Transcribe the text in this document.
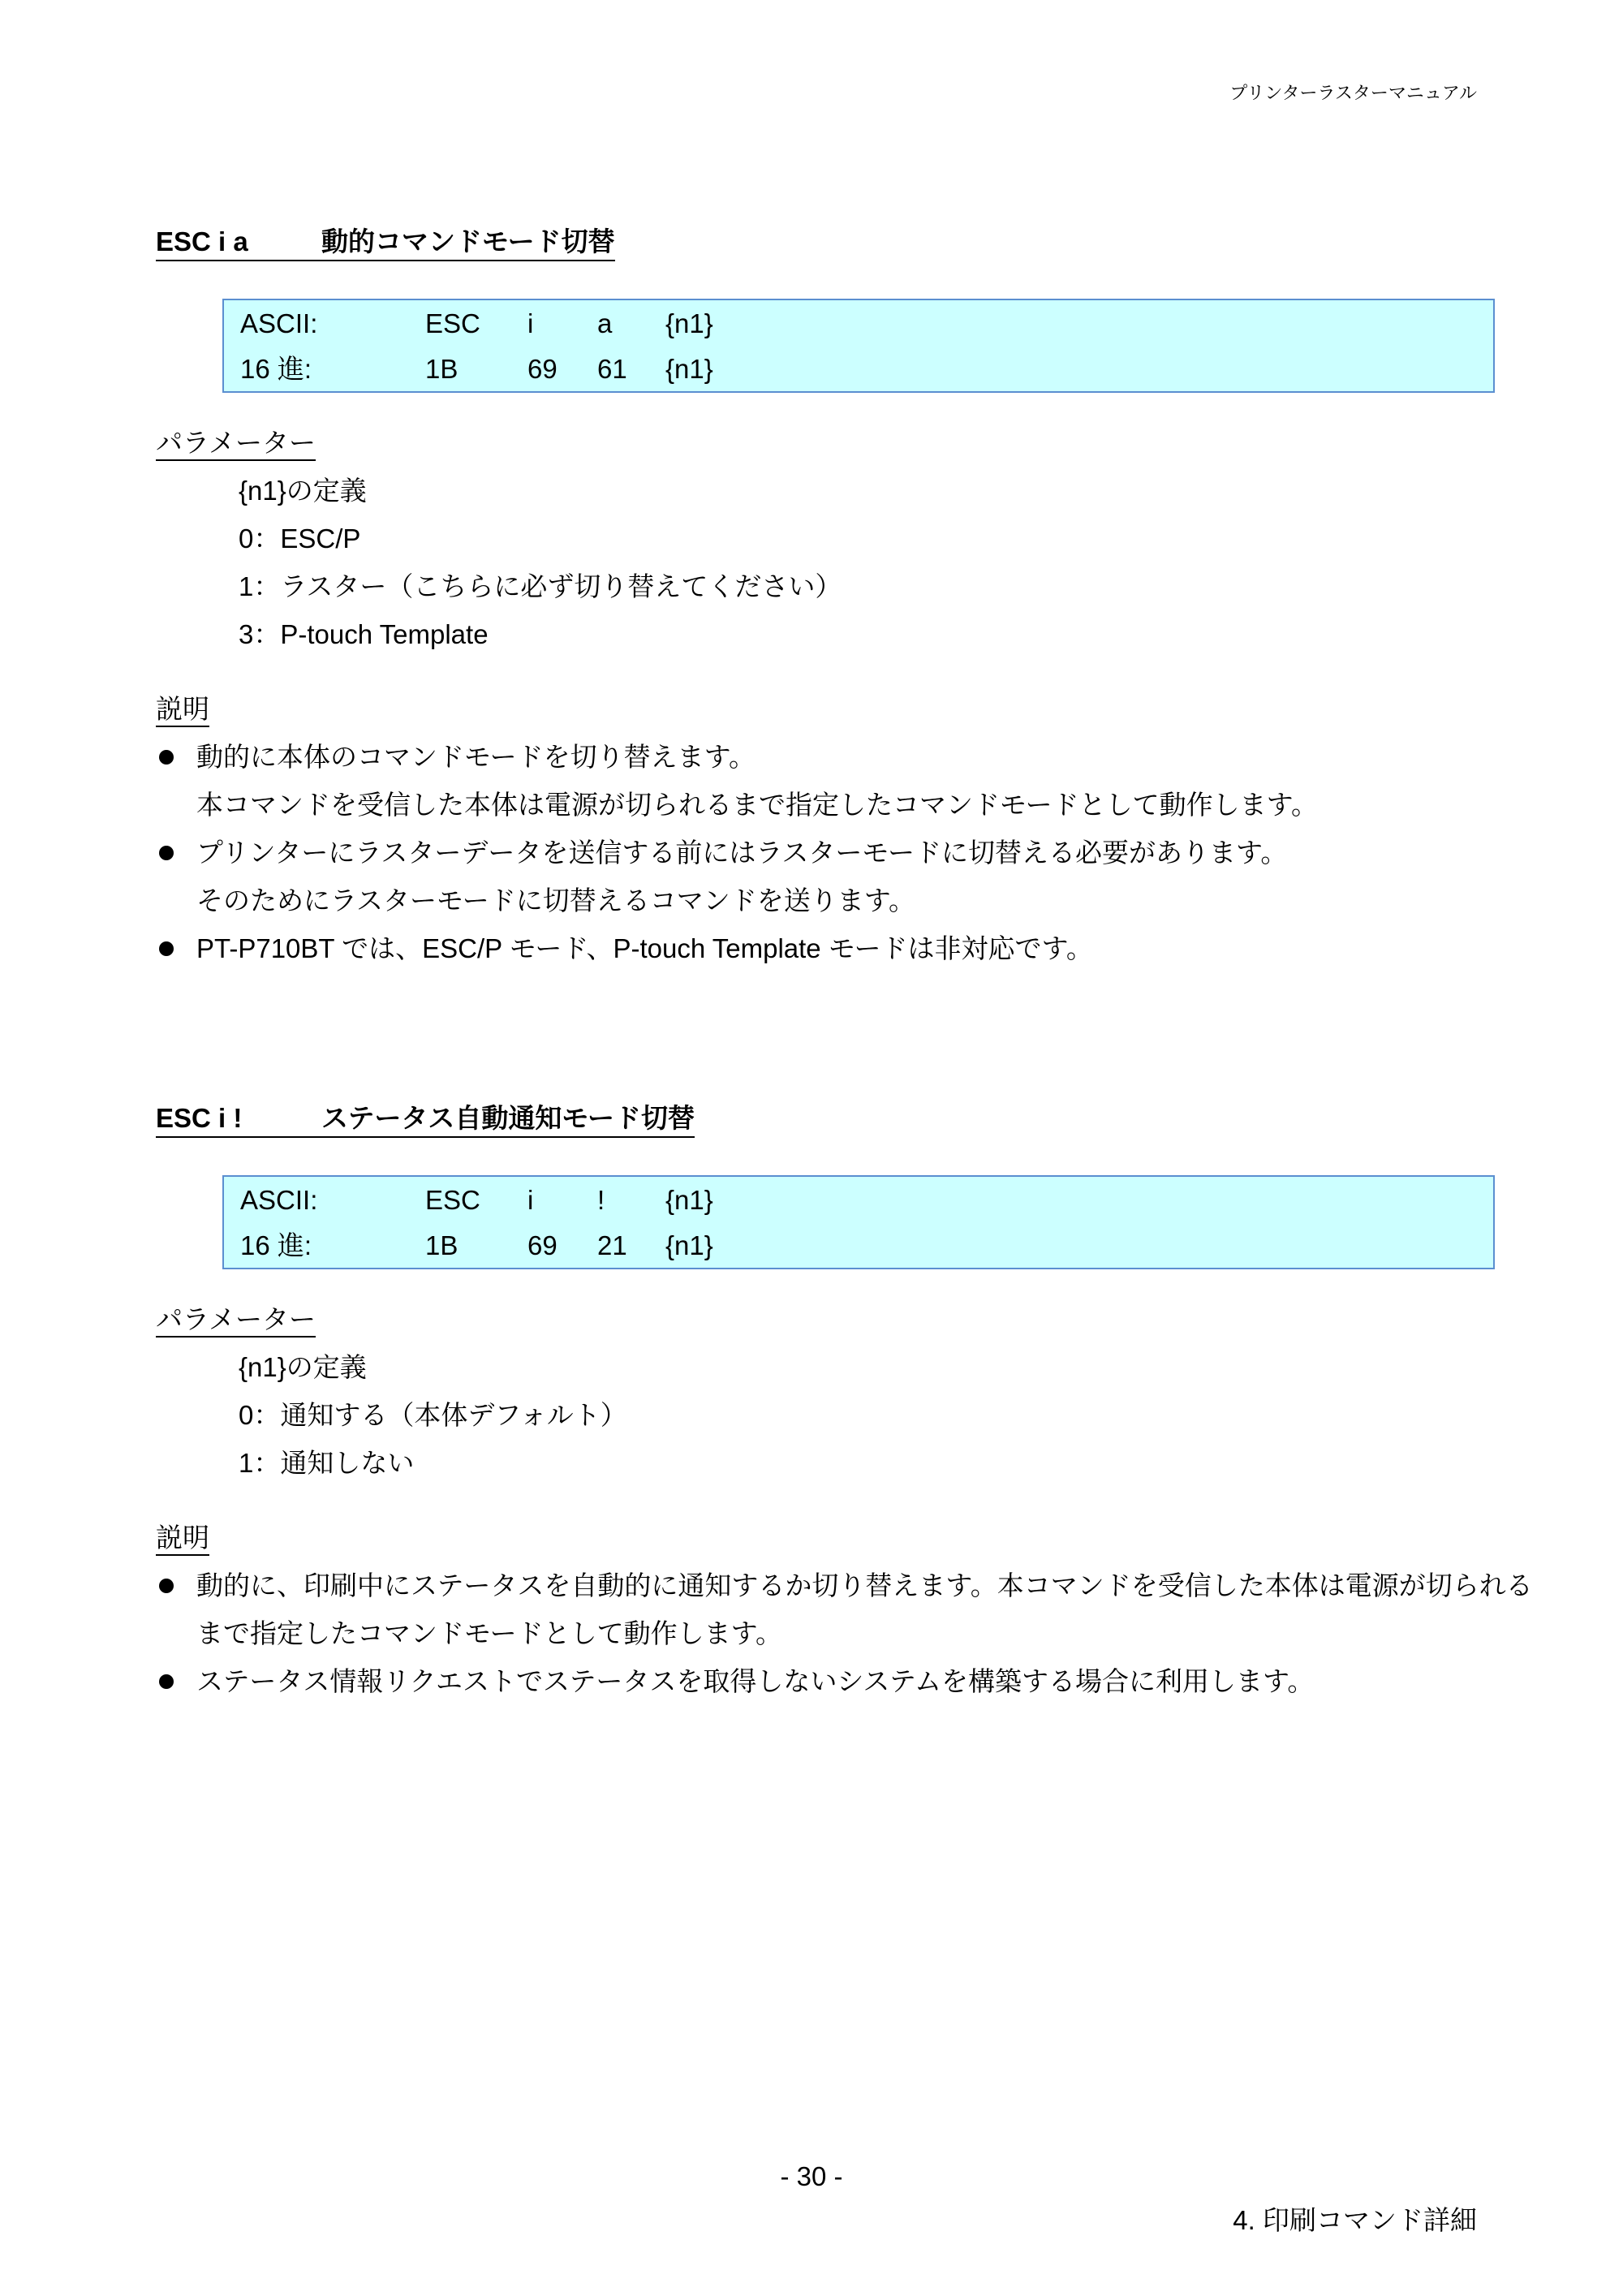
プリンターラスターマニュアル
ESC i a	動的コマンドモード切替
ASCII:	ESC i a {n1}
16 進:	1B	69 61 {n1}
パラメーター
{n1}の定義
0：ESC/P
1：ラスター（こちらに必ず切り替えてください）
3：P-touch Template
説明
動的に本体のコマンドモードを切り替えます。
本コマンドを受信した本体は電源が切られるまで指定したコマンドモードとして動作します。
プリンターにラスターデータを送信する前にはラスターモードに切替える必要があります。
そのためにラスターモードに切替えるコマンドを送ります。
PT-P710BT では、ESC/P モード、P-touch Template モードは非対応です。
ESC i !	ステータス自動通知モード切替
ASCII:	ESC i ! {n1}
16 進:	1B	69 21 {n1}
パラメーター
{n1}の定義
0：通知する（本体デフォルト）
1：通知しない
説明
動的に、印刷中にステータスを自動的に通知するか切り替えます。本コマンドを受信した本体は電源が切られる
まで指定したコマンドモードとして動作します。
ステータス情報リクエストでステータスを取得しないシステムを構築する場合に利用します。
- 30 -
4. 印刷コマンド詳細
